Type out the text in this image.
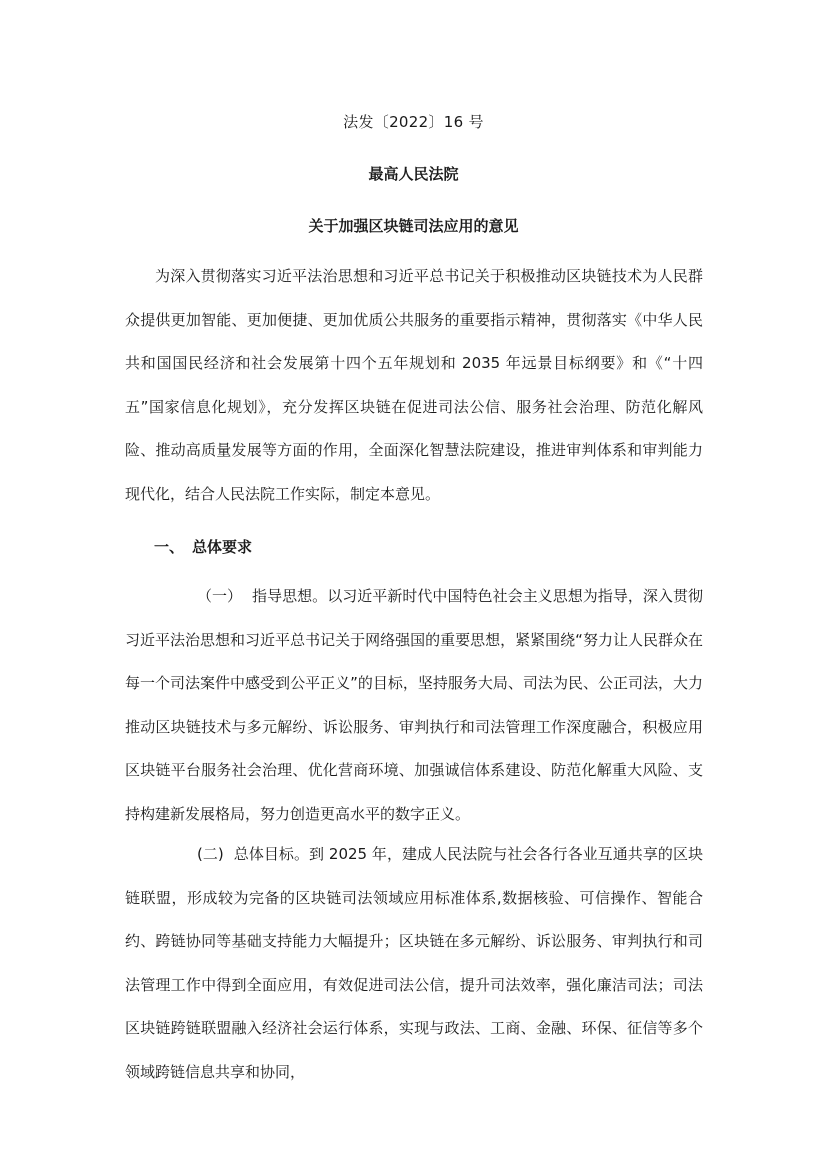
法发〔2022〕16 号
最高人民法院
关于加强区块链司法应用的意见

为深入贯彻落实习近平法治思想和习近平总书记关于积极推动区块链技术为人民群众提供更加智能、更加便捷、更加优质公共服务的重要指示精神，贯彻落实《中华人民共和国国民经济和社会发展第十四个五年规划和 2035 年远景目标纲要》和《“十四五”国家信息化规划》，充分发挥区块链在促进司法公信、服务社会治理、防范化解风险、推动高质量发展等方面的作用，全面深化智慧法院建设，推进审判体系和审判能力现代化，结合人民法院工作实际，制定本意见。

一、 总体要求

（一） 指导思想。以习近平新时代中国特色社会主义思想为指导，深入贯彻习近平法治思想和习近平总书记关于网络强国的重要思想，紧紧围绕“努力让人民群众在每一个司法案件中感受到公平正义”的目标，坚持服务大局、司法为民、公正司法，大力推动区块链技术与多元解纷、诉讼服务、审判执行和司法管理工作深度融合，积极应用区块链平台服务社会治理、优化营商环境、加强诚信体系建设、防范化解重大风险、支持构建新发展格局，努力创造更高水平的数字正义。

(二) 总体目标。到 2025 年，建成人民法院与社会各行各业互通共享的区块链联盟，形成较为完备的区块链司法领域应用标准体系,数据核验、可信操作、智能合约、跨链协同等基础支持能力大幅提升；区块链在多元解纷、诉讼服务、审判执行和司法管理工作中得到全面应用，有效促进司法公信，提升司法效率，强化廉洁司法；司法区块链跨链联盟融入经济社会运行体系，实现与政法、工商、金融、环保、征信等多个领域跨链信息共享和协同，
